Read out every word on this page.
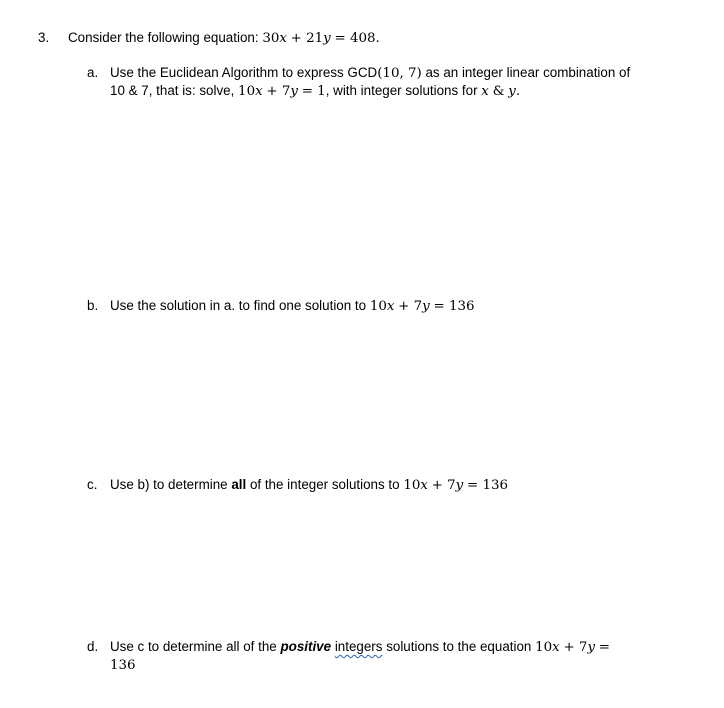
3. Consider the following equation: 30x + 21y = 408.
a. Use the Euclidean Algorithm to express GCD(10, 7) as an integer linear combination of
10 & 7, that is: solve, 10x + 7y = 1, with integer solutions for x & y.
b. Use the solution in a. to find one solution to 10x + 7y = 136
c. Use b) to determine all of the integer solutions to 10x + 7y = 136
d. Use c to determine all of the positive integers solutions to the equation 10x + 7y =
136
